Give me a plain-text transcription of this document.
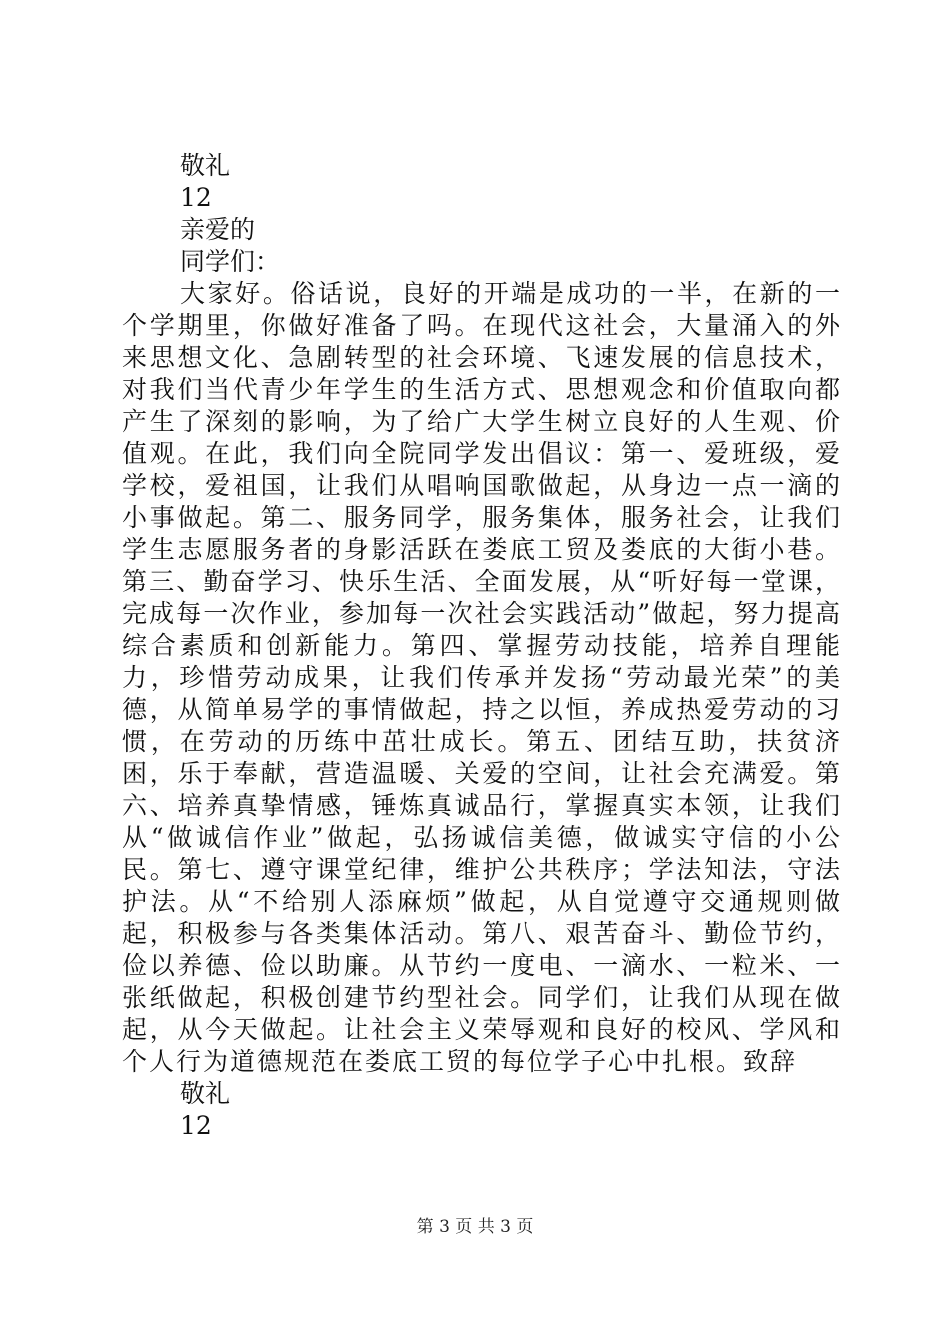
敬礼
12
亲爱的
同学们：
大家好。俗话说，良好的开端是成功的一半，在新的一个学期里，你做好准备了吗。在现代这社会，大量涌入的外来思想文化、急剧转型的社会环境、飞速发展的信息技术，对我们当代青少年学生的生活方式、思想观念和价值取向都产生了深刻的影响，为了给广大学生树立良好的人生观、价值观。在此，我们向全院同学发出倡议：第一、爱班级，爱学校，爱祖国，让我们从唱响国歌做起，从身边一点一滴的小事做起。第二、服务同学，服务集体，服务社会，让我们学生志愿服务者的身影活跃在娄底工贸及娄底的大街小巷。第三、勤奋学习、快乐生活、全面发展，从“听好每一堂课，完成每一次作业，参加每一次社会实践活动”做起，努力提高综合素质和创新能力。第四、掌握劳动技能，培养自理能力，珍惜劳动成果，让我们传承并发扬“劳动最光荣”的美德，从简单易学的事情做起，持之以恒，养成热爱劳动的习惯，在劳动的历练中茁壮成长。第五、团结互助，扶贫济困，乐于奉献，营造温暖、关爱的空间，让社会充满爱。第六、培养真挚情感，锤炼真诚品行，掌握真实本领，让我们从“做诚信作业”做起，弘扬诚信美德，做诚实守信的小公民。第七、遵守课堂纪律，维护公共秩序；学法知法，守法护法。从“不给别人添麻烦”做起，从自觉遵守交通规则做起，积极参与各类集体活动。第八、艰苦奋斗、勤俭节约，俭以养德、俭以助廉。从节约一度电、一滴水、一粒米、一张纸做起，积极创建节约型社会。同学们，让我们从现在做起，从今天做起。让社会主义荣辱观和良好的校风、学风和个人行为道德规范在娄底工贸的每位学子心中扎根。致辞
敬礼
12
第 3 页 共 3 页
